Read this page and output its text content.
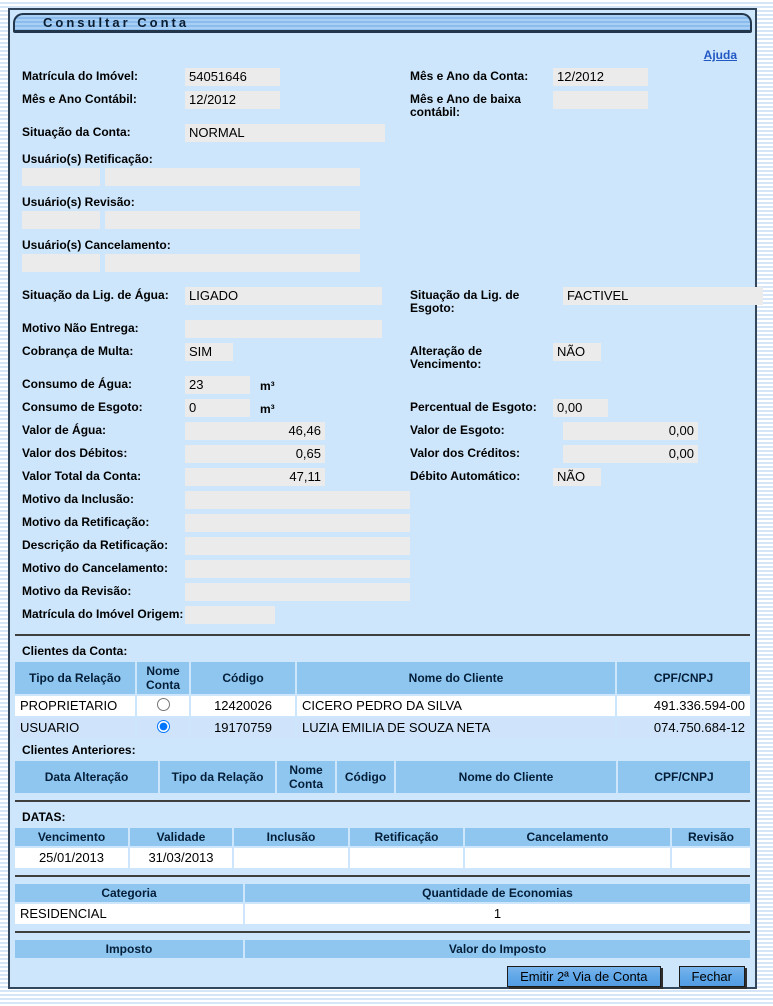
Consultar Conta
Ajuda
Matrícula do Imóvel:	54051646	Mês e Ano da Conta:	12/2012
Mês e Ano Contábil:	12/2012	Mês e Ano de baixa contábil:
Situação da Conta:	NORMAL
Usuário(s) Retificação:
Usuário(s) Revisão:
Usuário(s) Cancelamento:
Situação da Lig. de Água:	LIGADO	Situação da Lig. de Esgoto:
FACTIVEL
Motivo Não Entrega:
Cobrança de Multa:	SIM	Alteração de Vencimento:
NÃO
Consumo de Água:	23	m³
Consumo de Esgoto:	0	m³	Percentual de Esgoto:	0,00
Valor de Água:	46,46	Valor de Esgoto:	0,00
Valor dos Débitos:	0,65	Valor dos Créditos:	0,00
Valor Total da Conta:	47,11	Débito Automático:	NÃO
Motivo da Inclusão:
Motivo da Retificação:
Descrição da Retificação:
Motivo do Cancelamento:
Motivo da Revisão:
Matrícula do Imóvel Origem:
Clientes da Conta:
Tipo da Relação	Nome Conta	Código	Nome do Cliente	CPF/CNPJ
PROPRIETARIO		12420026	CICERO PEDRO DA SILVA	491.336.594-00
USUARIO		19170759	LUZIA EMILIA DE SOUZA NETA	074.750.684-12
Clientes Anteriores:
Data Alteração	Tipo da Relação	Nome Conta	Código	Nome do Cliente	CPF/CNPJ
DATAS:
Vencimento	Validade	Inclusão	Retificação	Cancelamento	Revisão
25/01/2013	31/03/2013				
Categoria	Quantidade de Economias
RESIDENCIAL	1
Imposto	Valor do Imposto
Emitir 2ª Via de Conta	Fechar
